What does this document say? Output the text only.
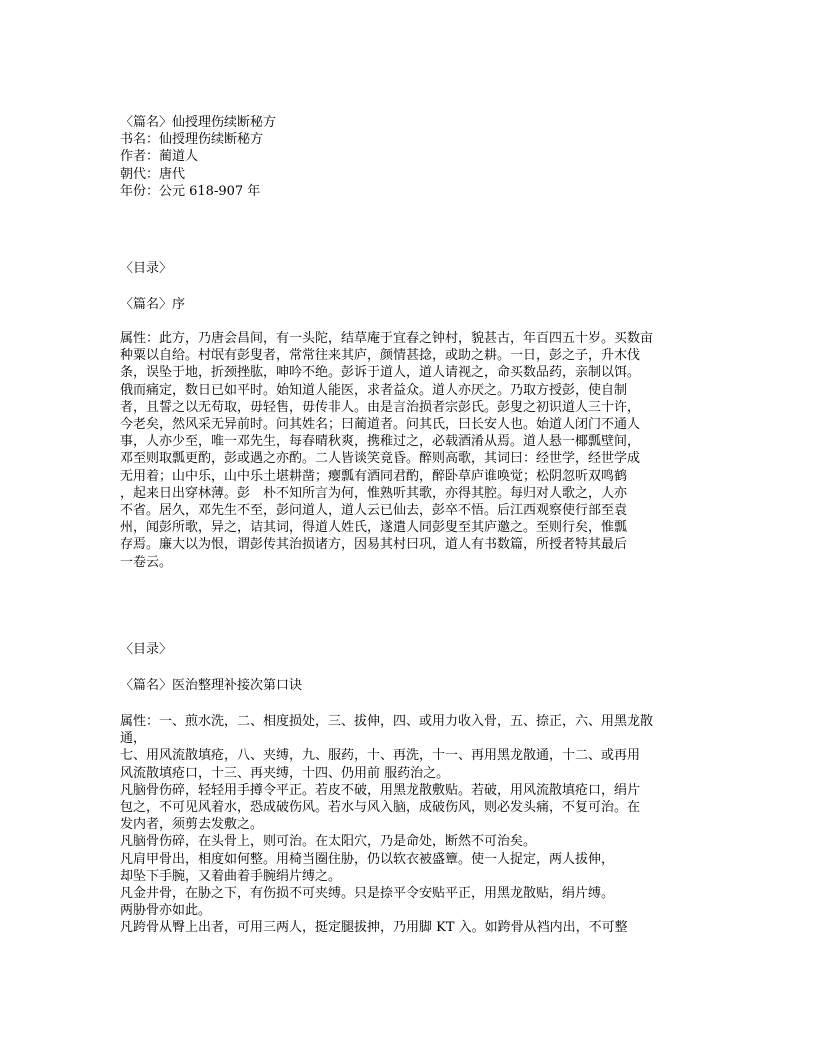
〈篇名〉仙授理伤续断秘方
书名：仙授理伤续断秘方
作者：蔺道人
朝代：唐代
年份：公元 618-907 年
〈目录〉
〈篇名〉序
属性：此方，乃唐会昌间，有一头陀，结草庵于宜春之钟村，貌甚古，年百四五十岁。买数亩
种粟以自给。村氓有彭叟者，常常往来其庐，颜情甚捻，或助之耕。一日，彭之子，升木伐
条，误坠于地，折颈挫肱，呻吟不绝。彭诉于道人，道人请视之，命买数品药，亲制以饵。
俄而痛定，数日已如平时。始知道人能医，求者益众。道人亦厌之。乃取方授彭，使自制
者，且誓之以无苟取，毋轻售，毋传非人。由是言治损者宗彭氏。彭叟之初识道人三十许，
今老矣，然风采无异前时。问其姓名；曰蔺道者。问其氏，曰长安人也。始道人闭门不通人
事，人亦少至，唯一邓先生，每春晴秋爽，携稚过之，必载酒淆从焉。道人悬一椰瓢壁间，
邓至则取瓢更酌，彭或遇之亦酌。二人皆谈笑竟昏。醉则高歌，其词曰：经世学，经世学成
无用着；山中乐，山中乐土堪耕凿；瘿瓢有酒同君酌，醉卧草庐谁唤觉；松阴忽听双鸣鹤
，起来日出穿林薄。彭　朴不知所言为何，惟熟听其歌，亦得其腔。每归对人歌之，人亦
不省。居久，邓先生不至，彭问道人，道人云已仙去，彭卒不悟。后江西观察使行部至袁
州，闻彭所歌，异之，诘其词，得道人姓氏，遂遣人同彭叟至其庐邀之。至则行矣，惟瓢
存焉。廉大以为恨，谓彭传其治损诸方，因易其村曰巩，道人有书数篇，所授者特其最后
一卷云。
〈目录〉
〈篇名〉医治整理补接次第口诀
属性：一、煎水洗，二、相度损处，三、拔伸，四、或用力收入骨，五、捺正，六、用黑龙散
通，
七、用风流散填疮，八、夹缚，九、服药，十、再洗，十一、再用黑龙散通，十二、或再用
风流散填疮口，十三、再夹缚，十四、仍用前 服药治之。
凡脑骨伤碎，轻轻用手撙令平正。若皮不破，用黑龙散敷贴。若破，用风流散填疮口，绢片
包之，不可见风着水，恐成破伤风。若水与风入脑，成破伤风，则必发头痛，不复可治。在
发内者，须剪去发敷之。
凡脑骨伤碎，在头骨上，则可治。在太阳穴，乃是命处，断然不可治矣。
凡肩甲骨出，相度如何整。用椅当圈住胁，仍以软衣被盛簟。使一人捉定，两人拔伸，
却坠下手腕，又着曲着手腕绢片缚之。
凡金井骨，在胁之下，有伤损不可夹缚。只是捺平令安贴平正，用黑龙散贴，绢片缚。
两胁骨亦如此。
凡跨骨从臀上出者，可用三两人，挺定腿拔抻，乃用脚 KT 入。如跨骨从裆内出，不可整
